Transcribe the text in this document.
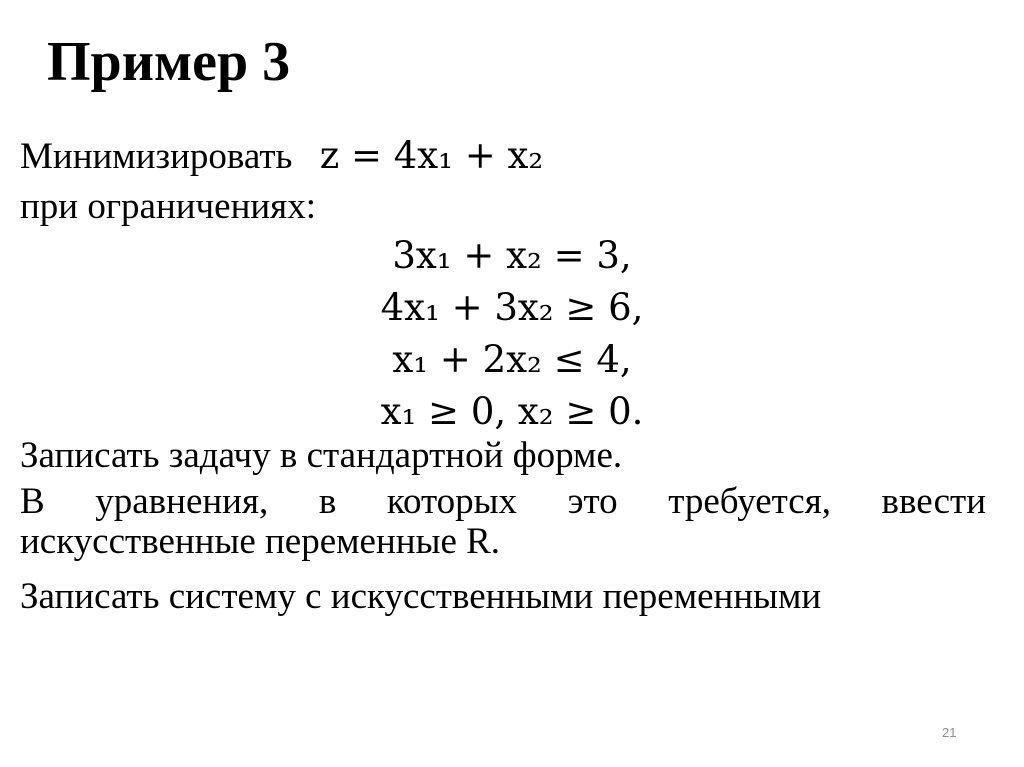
Пример 3
Минимизировать z = 4x₁ + x₂
при ограничениях:
3x₁ + x₂ = 3,
4x₁ + 3x₂ ≥ 6,
x₁ + 2x₂ ≤ 4,
x₁ ≥ 0, x₂ ≥ 0.
Записать задачу в стандартной форме.
В уравнения, в которых это требуется, ввести
искусственные переменные R.
Записать систему с искусственными переменными
21
